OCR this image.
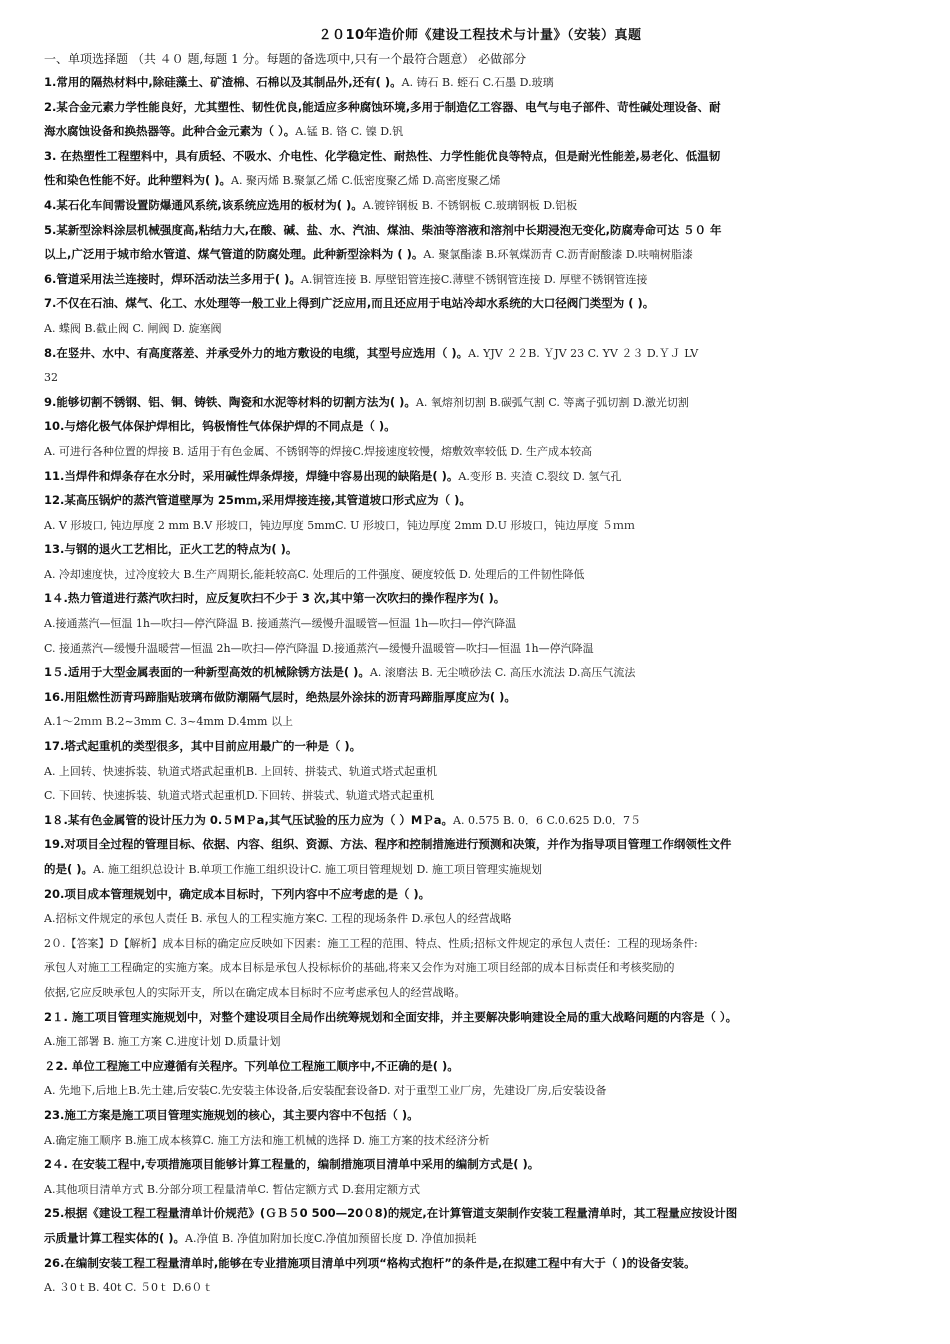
２０10年造价师《建设工程技术与计量》（安装）真题
一、单项选择题 （共 ４０ 题,每题 1 分。每题的备选项中,只有一个最符合题意） 必做部分
1.常用的隔热材料中,除硅藻土、矿渣棉、石棉以及其制品外,还有( )。A. 铸石 B. 蛭石 C.石墨 D.玻璃
2.某合金元素力学性能良好，尤其塑性、韧性优良,能适应多种腐蚀环境,多用于制造亿工容器、电气与电子部件、苛性碱处理设备、耐
海水腐蚀设备和换热器等。此种合金元素为（ ）。A.锰 B. 铬 C. 镍 D.钒
3. 在热塑性工程塑料中，具有质轻、不吸水、介电性、化学稳定性、耐热性、力学性能优良等特点，但是耐光性能差,易老化、低温韧
性和染色性能不好。此种塑料为( )。A. 聚丙烯 B.聚氯乙烯 C.低密度聚乙烯 D.高密度聚乙烯
4.某石化车间需设置防爆通风系统,该系统应选用的板材为( )。A.镀锌钢板 B. 不锈钢板 C.玻璃钢板 D.铝板
5.某新型涂料涂层机械强度高,粘结力大,在酸、碱、盐、水、汽油、煤油、柴油等溶液和溶剂中长期浸泡无变化,防腐寿命可达 ５０ 年
以上,广泛用于城市给水管道、煤气管道的防腐处理。此种新型涂料为 ( )。A. 聚氯酯漆 B.环氧煤沥青 C.沥青耐酸漆 D.呋喃树脂漆
6.管道采用法兰连接时，焊环活动法兰多用于( )。A.铜管连接 B. 厚壁铝管连接C.薄壁不锈钢管连接 D. 厚壁不锈钢管连接
7.不仅在石油、煤气、化工、水处理等一般工业上得到广泛应用,而且还应用于电站冷却水系统的大口径阀门类型为 ( )。
A. 蝶阀 B.截止阀 C. 闸阀 D. 旋塞阀
8.在竖井、水中、有高度落差、并承受外力的地方敷设的电缆，其型号应选用（ )。A. YJV ２２B. ＹJV 23 C. YV ２３ D.ＹＪ LV
32
9.能够切割不锈钢、铝、铜、铸铁、陶瓷和水泥等材料的切割方法为( )。A. 氧熔剂切割 B.碳弧气割 C. 等离子弧切割 D.激光切割
10.与熔化极气体保护焊相比，钨极惰性气体保护焊的不同点是（ )。
A. 可进行各种位置的焊接 B. 适用于有色金属、不锈钢等的焊接C.焊接速度较慢，熔敷效率较低 D. 生产成本较高
11.当焊件和焊条存在水分时，采用碱性焊条焊接，焊缝中容易出现的缺陷是( )。A.变形 B. 夹渣 C.裂纹 D. 氢气孔
12.某高压锅炉的蒸汽管道壁厚为 25mｍ,采用焊接连接,其管道坡口形式应为（ )。
A. V 形坡口, 钝边厚度 2 mm B.V 形坡口，钝边厚度 5mmC. U 形坡口，钝边厚度 2mm D.U 形坡口，钝边厚度 ５ｍｍ
13.与钢的退火工艺相比，正火工艺的特点为( )。
A. 冷却速度快，过冷度较大 B.生产周期长,能耗较高C. 处理后的工件强度、硬度较低 D. 处理后的工件韧性降低
1４.热力管道进行蒸汽吹扫时，应反复吹扫不少于 3 次,其中第一次吹扫的操作程序为( )。
A.接通蒸汽—恒温 1h—吹扫—停汽降温 B. 接通蒸汽—缓慢升温暖管—恒温 1h—吹扫—停汽降温
C. 接通蒸汽—缓慢升温暖营—恒温 2h—吹扫—停汽降温 D.接通蒸汽—缓慢升温暖管—吹扫—恒温 1h—停汽降温
1５.适用于大型金属表面的一种新型高效的机械除锈方法是( )。A. 滚磨法 B. 无尘喷砂法 C. 高压水流法 D.高压气流法
16.用阻燃性沥青玛蹄脂贴玻璃布做防潮隔气层时，绝热层外涂抹的沥青玛蹄脂厚度应为( )。
A.1～2ｍｍ B.2~3mm C. 3~4mm D.4mm 以上
17.塔式起重机的类型很多，其中目前应用最广的一种是（ )。
A. 上回转、快速拆装、轨道式塔武起重机B. 上回转、拼装式、轨道式塔式起重机
C. 下回转、快速拆装、轨道式塔式起重机D.下回转、拼装式、轨道式塔式起重机
1８.某有色金属管的设计压力为 0.５MＰa,其气压试验的压力应为（ ）MＰa。A. 0.575 B. 0．6 C.0.625 D.0．7５
19.对项目全过程的管理目标、依据、内容、组织、资源、方法、程序和控制措施进行预测和决策，并作为指导项目管理工作纲领性文件
的是( )。A. 施工组织总设计 B.单项工作施工组织设计C. 施工项目管理规划 D. 施工项目管理实施规划
20.项目成本管理规划中，确定成本目标时，下列内容中不应考虑的是（ )。
A.招标文件规定的承包人责任 B. 承包人的工程实施方案C. 工程的现场条件 D.承包人的经营战略
2０.【答案】D【解析】成本目标的确定应反映如下因素：施工工程的范围、特点、性质;招标文件规定的承包人责任：工程的现场条件:
承包人对施工工程确定的实施方案。成本目标是承包人投标标价的基础,将来又会作为对施工项目经部的成本目标责任和考核奖励的
依据,它应反映承包人的实际开支，所以在确定成本目标时不应考虑承包人的经营战略。
2１. 施工项目管理实施规划中，对整个建设项目全局作出统筹规划和全面安排，并主要解决影响建设全局的重大战略问题的内容是（ ）。
A.施工部署 B. 施工方案 C.进度计划 D.质量计划
２2. 单位工程施工中应遵循有关程序。下列单位工程施工顺序中,不正确的是( )。
A. 先地下,后地上B.先土建,后安装C.先安装主体设备,后安装配套设备D. 对于重型工业厂房，先建设厂房,后安装设备
23.施工方案是施工项目管理实施规划的核心，其主要内容中不包括（ )。
A.确定施工顺序 B.施工成本核算C. 施工方法和施工机械的选择 D. 施工方案的技术经济分析
2４. 在安装工程中,专项措施项目能够计算工程量的，编制措施项目清单中采用的编制方式是( )。
A.其他项目清单方式 B.分部分项工程量清单C. 暂估定额方式 D.套用定额方式
25.根据《建设工程工程量清单计价规范》(ＧＢ５0 500—20０8)的规定,在计算管道支架制作安装工程量清单时，其工程量应按设计图
示质量计算工程实体的( )。A.净值 B. 净值加附加长度C.净值加预留长度 D. 净值加损耗
26.在编制安装工程工程量清单时,能够在专业措施项目清单中列项“格构式抱杆”的条件是,在拟建工程中有大于（ )的设备安装。
A. ３0ｔB. 40t C. ５0ｔ D.6０ｔ
